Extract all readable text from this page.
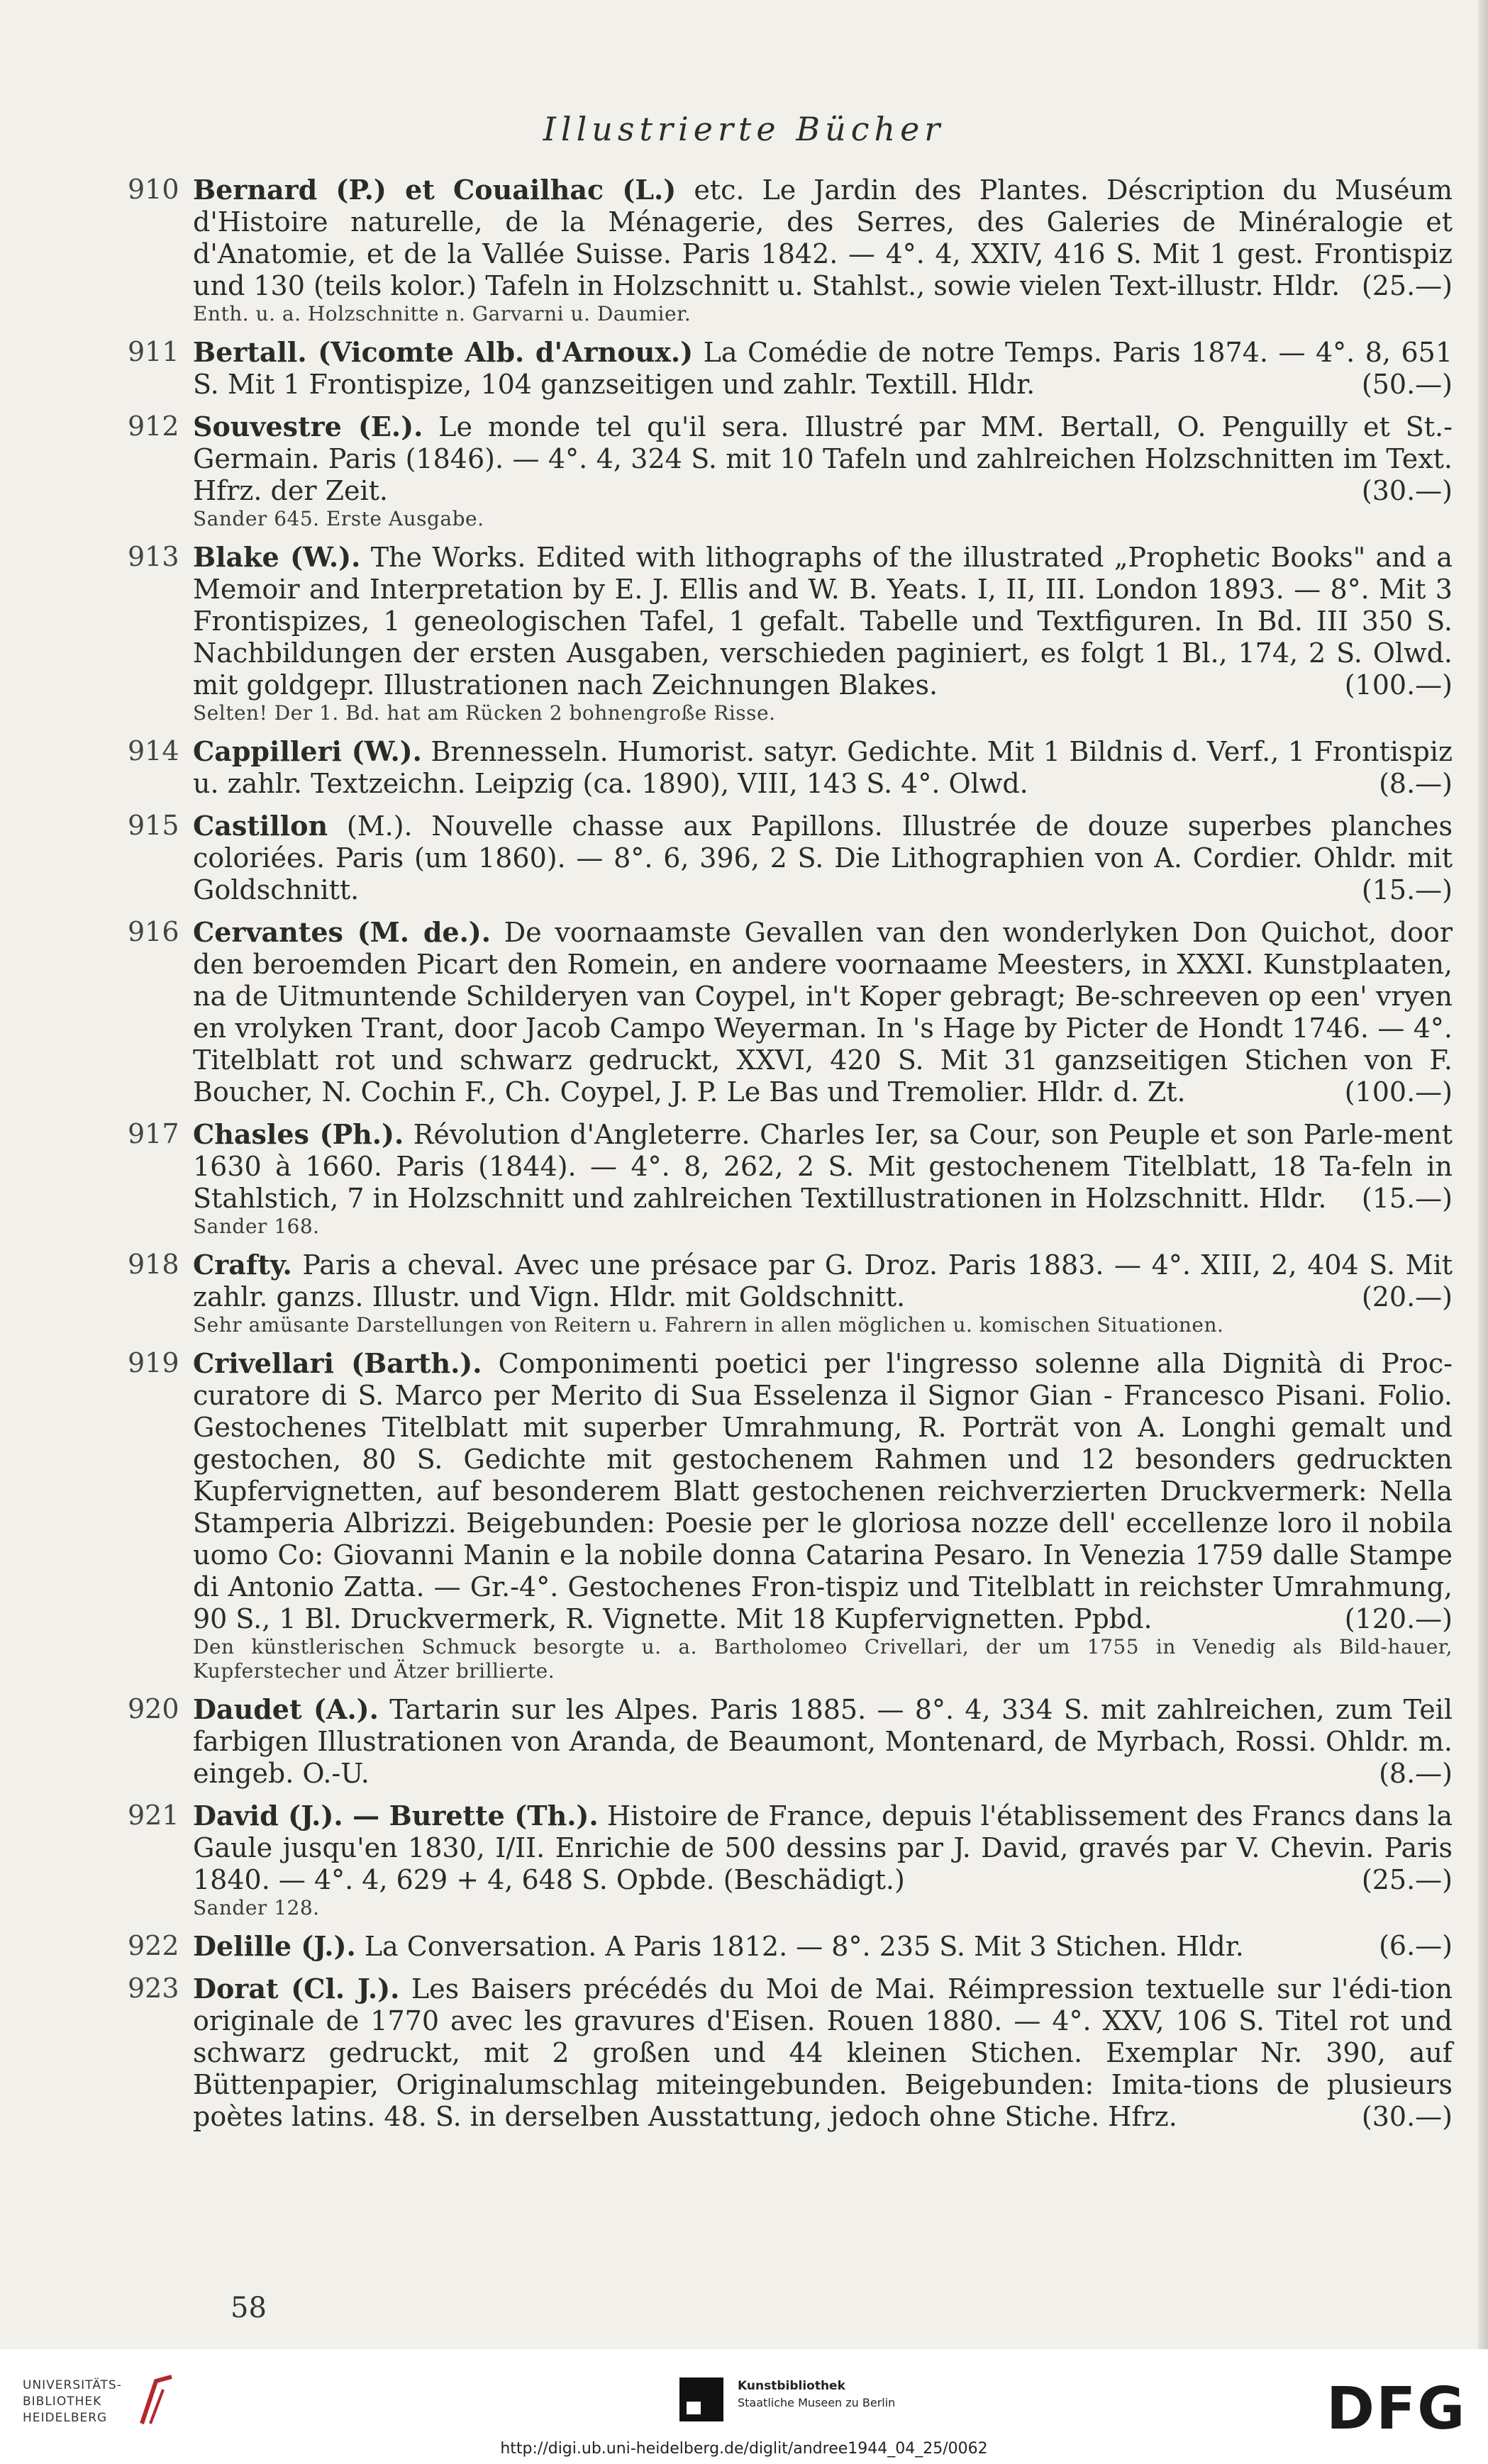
Illustrierte Bücher
910 Bernard (P.) et Couailhac (L.) etc. Le Jardin des Plantes. Déscription du Muséum d'Histoire naturelle, de la Ménagerie, des Serres, des Galeries de Minéralogie et d'Anatomie, et de la Vallée Suisse. Paris 1842. — 4°. 4, XXIV, 416 S. Mit 1 gest. Frontispiz und 130 (teils kolor.) Tafeln in Holzschnitt u. Stahlst., sowie vielen Text-illustr. Hldr. (25.—)
Enth. u. a. Holzschnitte n. Garvarni u. Daumier.
911 Bertall. (Vicomte Alb. d'Arnoux.) La Comédie de notre Temps. Paris 1874. — 4°. 8, 651 S. Mit 1 Frontispize, 104 ganzseitigen und zahlr. Textill. Hldr.	(50.—)
912 Souvestre (E.). Le monde tel qu'il sera. Illustré par MM. Bertall, O. Penguilly et St.-Germain. Paris (1846). — 4°. 4, 324 S. mit 10 Tafeln und zahlreichen Holzschnitten im Text. Hfrz. der Zeit.	(30.—)
Sander 645. Erste Ausgabe.
913 Blake (W.). The Works. Edited with lithographs of the illustrated „Prophetic Books" and a Memoir and Interpretation by E. J. Ellis and W. B. Yeats. I, II, III. London 1893. — 8°. Mit 3 Frontispizes, 1 geneologischen Tafel, 1 gefalt. Tabelle und Textfiguren. In Bd. III 350 S. Nachbildungen der ersten Ausgaben, verschieden paginiert, es folgt 1 Bl., 174, 2 S. Olwd. mit goldgepr. Illustrationen nach Zeichnungen Blakes.	(100.—)
Selten! Der 1. Bd. hat am Rücken 2 bohnengroße Risse.
914 Cappilleri (W.). Brennesseln. Humorist. satyr. Gedichte. Mit 1 Bildnis d. Verf., 1 Frontispiz u. zahlr. Textzeichn. Leipzig (ca. 1890), VIII, 143 S. 4°. Olwd.	(8.—)
915 Castillon (M.). Nouvelle chasse aux Papillons. Illustrée de douze superbes planches coloriées. Paris (um 1860). — 8°. 6, 396, 2 S. Die Lithographien von A. Cordier. Ohldr. mit Goldschnitt.	(15.—)
916 Cervantes (M. de.). De voornaamste Gevallen van den wonderlyken Don Quichot, door den beroemden Picart den Romein, en andere voornaame Meesters, in XXXI. Kunstplaaten, na de Uitmuntende Schilderyen van Coypel, in't Koper gebragt; Be-schreeven op een' vryen en vrolyken Trant, door Jacob Campo Weyerman. In 's Hage by Picter de Hondt 1746. — 4°. Titelblatt rot und schwarz gedruckt, XXVI, 420 S. Mit 31 ganzseitigen Stichen von F. Boucher, N. Cochin F., Ch. Coypel, J. P. Le Bas und Tremolier. Hldr. d. Zt.	(100.—)
917 Chasles (Ph.). Révolution d'Angleterre. Charles Ier, sa Cour, son Peuple et son Parle-ment 1630 à 1660. Paris (1844). — 4°. 8, 262, 2 S. Mit gestochenem Titelblatt, 18 Ta-feln in Stahlstich, 7 in Holzschnitt und zahlreichen Textillustrationen in Holzschnitt. Hldr. (15.—)
Sander 168.
918 Crafty. Paris a cheval. Avec une présace par G. Droz. Paris 1883. — 4°. XIII, 2, 404 S. Mit zahlr. ganzs. Illustr. und Vign. Hldr. mit Goldschnitt.	(20.—)
Sehr amüsante Darstellungen von Reitern u. Fahrern in allen möglichen u. komischen Situationen.
919 Crivellari (Barth.). Componimenti poetici per l'ingresso solenne alla Dignità di Proc-curatore di S. Marco per Merito di Sua Esselenza il Signor Gian - Francesco Pisani. Folio. Gestochenes Titelblatt mit superber Umrahmung, R. Porträt von A. Longhi gemalt und gestochen, 80 S. Gedichte mit gestochenem Rahmen und 12 besonders gedruckten Kupfervignetten, auf besonderem Blatt gestochenen reichverzierten Druckvermerk: Nella Stamperia Albrizzi. Beigebunden: Poesie per le gloriosa nozze dell' eccellenze loro il nobila uomo Co: Giovanni Manin e la nobile donna Catarina Pesaro. In Venezia 1759 dalle Stampe di Antonio Zatta. — Gr.-4°. Gestochenes Fron-tispiz und Titelblatt in reichster Umrahmung, 90 S., 1 Bl. Druckvermerk, R. Vignette. Mit 18 Kupfervignetten. Ppbd.	(120.—)
Den künstlerischen Schmuck besorgte u. a. Bartholomeo Crivellari, der um 1755 in Venedig als Bild-hauer, Kupferstecher und Ätzer brillierte.
920 Daudet (A.). Tartarin sur les Alpes. Paris 1885. — 8°. 4, 334 S. mit zahlreichen, zum Teil farbigen Illustrationen von Aranda, de Beaumont, Montenard, de Myrbach, Rossi. Ohldr. m. eingeb. O.-U.	(8.—)
921 David (J.). — Burette (Th.). Histoire de France, depuis l'établissement des Francs dans la Gaule jusqu'en 1830, I/II. Enrichie de 500 dessins par J. David, gravés par V. Chevin. Paris 1840. — 4°. 4, 629 + 4, 648 S. Opbde. (Beschädigt.)	(25.—)
Sander 128.
922 Delille (J.). La Conversation. A Paris 1812. — 8°. 235 S. Mit 3 Stichen. Hldr.	(6.—)
923 Dorat (Cl. J.). Les Baisers précédés du Moi de Mai. Réimpression textuelle sur l'édi-tion originale de 1770 avec les gravures d'Eisen. Rouen 1880. — 4°. XXV, 106 S. Titel rot und schwarz gedruckt, mit 2 großen und 44 kleinen Stichen. Exemplar Nr. 390, auf Büttenpapier, Originalumschlag miteingebunden. Beigebunden: Imita-tions de plusieurs poètes latins. 48. S. in derselben Ausstattung, jedoch ohne Stiche. Hfrz.	(30.—)
58
UNIVERSITÄTS-
BIBLIOTHEK
HEIDELBERG
Kunstbibliothek
Staatliche Museen zu Berlin	DFG
http://digi.ub.uni-heidelberg.de/diglit/andree1944_04_25/0062
